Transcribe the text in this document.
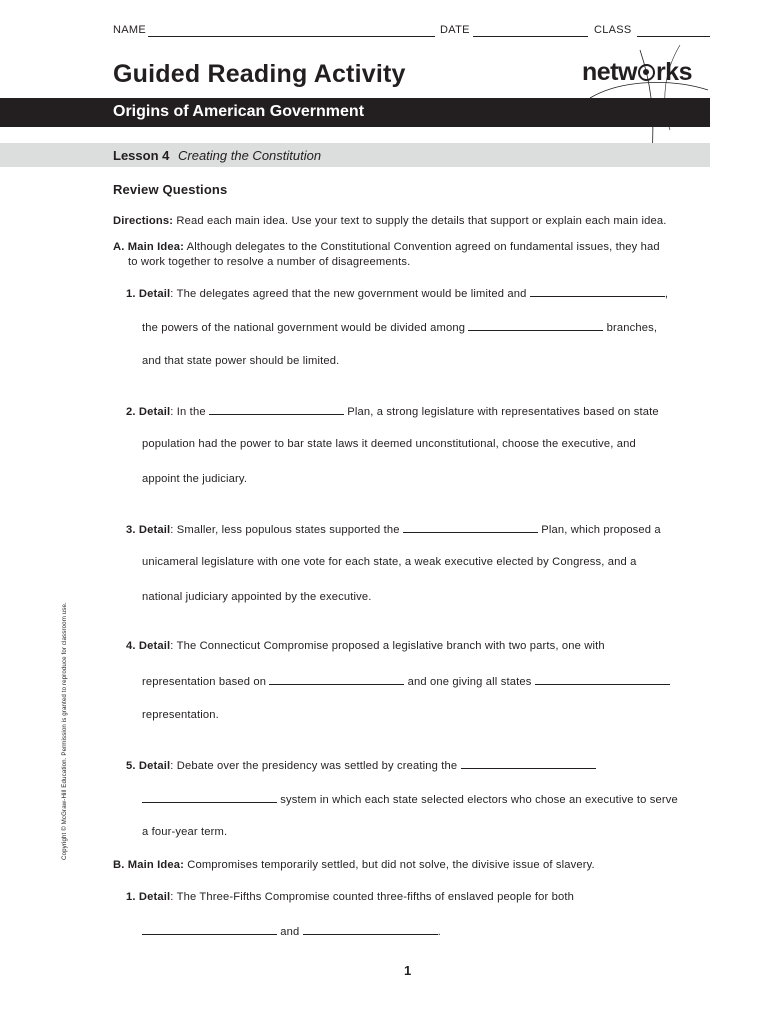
NAME	DATE	CLASS
Guided Reading Activity	netw rks
Origins of American Government
Lesson 4 Creating the Constitution
Review Questions
Directions: Read each main idea. Use your text to supply the details that support or explain each main idea.
A. Main Idea: Although delegates to the Constitutional Convention agreed on fundamental issues, they had
to work together to resolve a number of disagreements.
1. Detail: The delegates agreed that the new government would be limited and	,
the powers of the national government would be divided among	branches,
and that state power should be limited.
2. Detail: In the	Plan, a strong legislature with representatives based on state
population had the power to bar state laws it deemed unconstitutional, choose the executive, and
appoint the judiciary.
3. Detail: Smaller, less populous states supported the	Plan, which proposed a
unicameral legislature with one vote for each state, a weak executive elected by Congress, and a
national judiciary appointed by the executive.
4. Detail: The Connecticut Compromise proposed a legislative branch with two parts, one with
representation based on	and one giving all states
representation.
5. Detail: Debate over the presidency was settled by creating the
system in which each state selected electors who chose an executive to serve
a four-year term.
B. Main Idea: Compromises temporarily settled, but did not solve, the divisive issue of slavery.
1. Detail: The Three-Fifths Compromise counted three-fifths of enslaved people for both
and	.
Copyright © McGraw-Hill Education. Permission is granted to reproduce for classroom use.
1
